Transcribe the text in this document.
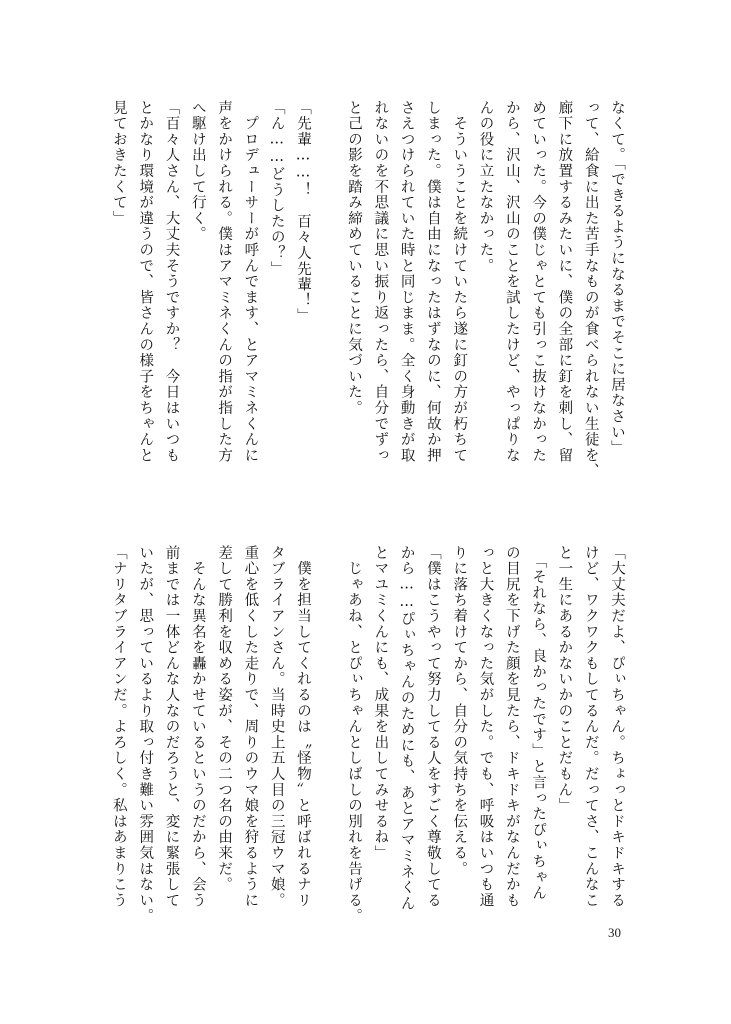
なくて。「できるようになるまでそこに居なさい」

って、給食に出た苦手なものが食べられない生徒を、

廊下に放置するみたいに、僕の全部に釘を刺し、留

めていった。今の僕じゃとても引っこ抜けなかった

から、沢山、沢山のことを試したけど、やっぱりな

んの役に立たなかった。

　そういうことを続けていたら遂に釘の方が朽ちて

しまった。僕は自由になったはずなのに、何故か押

さえつけられていた時と同じまま。全く身動きが取

れないのを不思議に思い振り返ったら、自分でずっ

と己の影を踏み締めていることに気づいた。

「先輩……！　百々人先輩！」

「ん……どうしたの？」

　プロデューサーが呼んでます、とアマミネくんに

声をかけられる。僕はアマミネくんの指が指した方

へ駆け出して行く。

「百々人さん、大丈夫そうですか？　今日はいつも

とかなり環境が違うので、皆さんの様子をちゃんと

見ておきたくて」

「大丈夫だよ、ぴぃちゃん。ちょっとドキドキする

けど、ワクワクもしてるんだ。だってさ、こんなこ

と一生にあるかないかのことだもん」

　「それなら、良かったです」と言ったぴぃちゃん

の目尻を下げた顔を見たら、ドキドキがなんだかも

っと大きくなった気がした。でも、呼吸はいつも通

りに落ち着けてから、自分の気持ちを伝える。

「僕はこうやって努力してる人をすごく尊敬してる

から……ぴぃちゃんのためにも、あとアマミネくん

とマユミくんにも、成果を出してみせるね」

　じゃあね、とぴぃちゃんとしばしの別れを告げる。

　僕を担当してくれるのは〝怪物〟と呼ばれるナリ

タブライアンさん。当時史上五人目の三冠ウマ娘。

重心を低くした走りで、周りのウマ娘を狩るように

差して勝利を収める姿が、その二つ名の由来だ。

　そんな異名を轟かせているというのだから、会う

前までは一体どんな人なのだろうと、変に緊張して

いたが、思っているより取っ付き難い雰囲気はない。

「ナリタブライアンだ。よろしく。私はあまりこう

30
